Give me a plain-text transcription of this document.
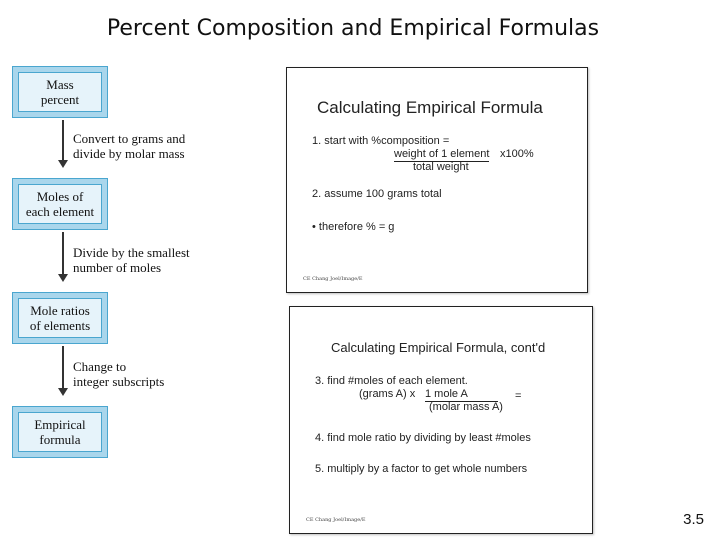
Percent Composition and Empirical Formulas
Mass
percent
Convert to grams and
divide by molar mass
Moles of
each element
Divide by the smallest
number of moles
Mole ratios
of elements
Change to
integer subscripts
Empirical
formula
Calculating Empirical Formula
1. start with %composition =
weight of 1 element x100%
total weight
2. assume 100 grams total
• therefore % = g
CE Chang Joel/Image/E
Calculating Empirical Formula, cont'd
3. find #moles of each element.
(grams A) x 1 mole A	=
(molar mass A)
4. find mole ratio by dividing by least #moles
5. multiply by a factor to get whole numbers
CE Chang Joel/Image/E	3.5
